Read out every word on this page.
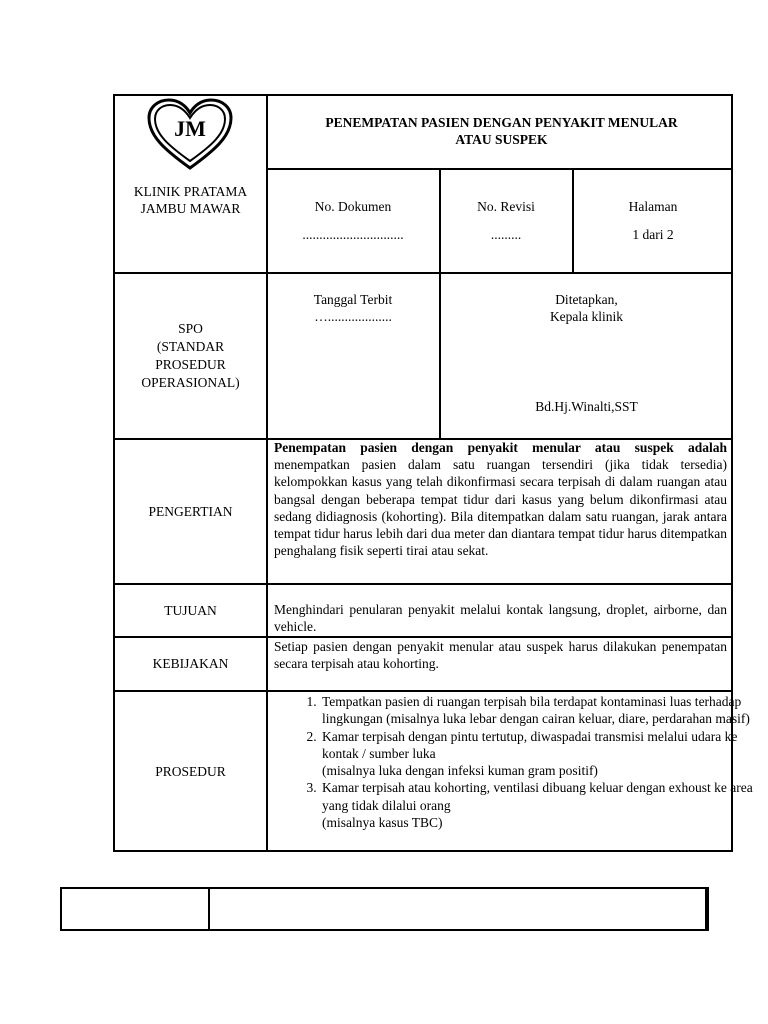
JM
KLINIK PRATAMA
JAMBU MAWAR
PENEMPATAN PASIEN DENGAN PENYAKIT MENULAR
ATAU SUSPEK
No. Dokumen
..............................
No. Revisi
.........
Halaman
1 dari 2
SPO
(STANDAR
PROSEDUR
OPERASIONAL)
Tanggal Terbit
…...................
Ditetapkan,
Kepala klinik
Bd.Hj.Winalti,SST
PENGERTIAN
Penempatan pasien dengan penyakit menular atau suspek adalah menempatkan pasien dalam satu ruangan tersendiri (jika tidak tersedia) kelompokkan kasus yang telah dikonfirmasi secara terpisah di dalam ruangan atau bangsal dengan beberapa tempat tidur dari kasus yang belum dikonfirmasi atau sedang didiagnosis (kohorting). Bila ditempatkan dalam satu ruangan, jarak antara tempat tidur harus lebih dari dua meter dan diantara tempat tidur harus ditempatkan penghalang fisik seperti tirai atau sekat.
TUJUAN	Menghindari penularan penyakit melalui kontak langsung, droplet, airborne, dan vehicle.
KEBIJAKAN
Setiap pasien dengan penyakit menular atau suspek harus dilakukan penempatan secara terpisah atau kohorting.
PROSEDUR
1. Tempatkan pasien di ruangan terpisah bila terdapat kontaminasi luas terhadap lingkungan (misalnya luka lebar dengan cairan keluar, diare, perdarahan masif)
2. Kamar terpisah dengan pintu tertutup, diwaspadai transmisi melalui udara ke kontak / sumber luka
(misalnya luka dengan infeksi kuman gram positif)
3. Kamar terpisah atau kohorting, ventilasi dibuang keluar dengan exhoust ke area yang tidak dilalui orang
(misalnya kasus TBC)
